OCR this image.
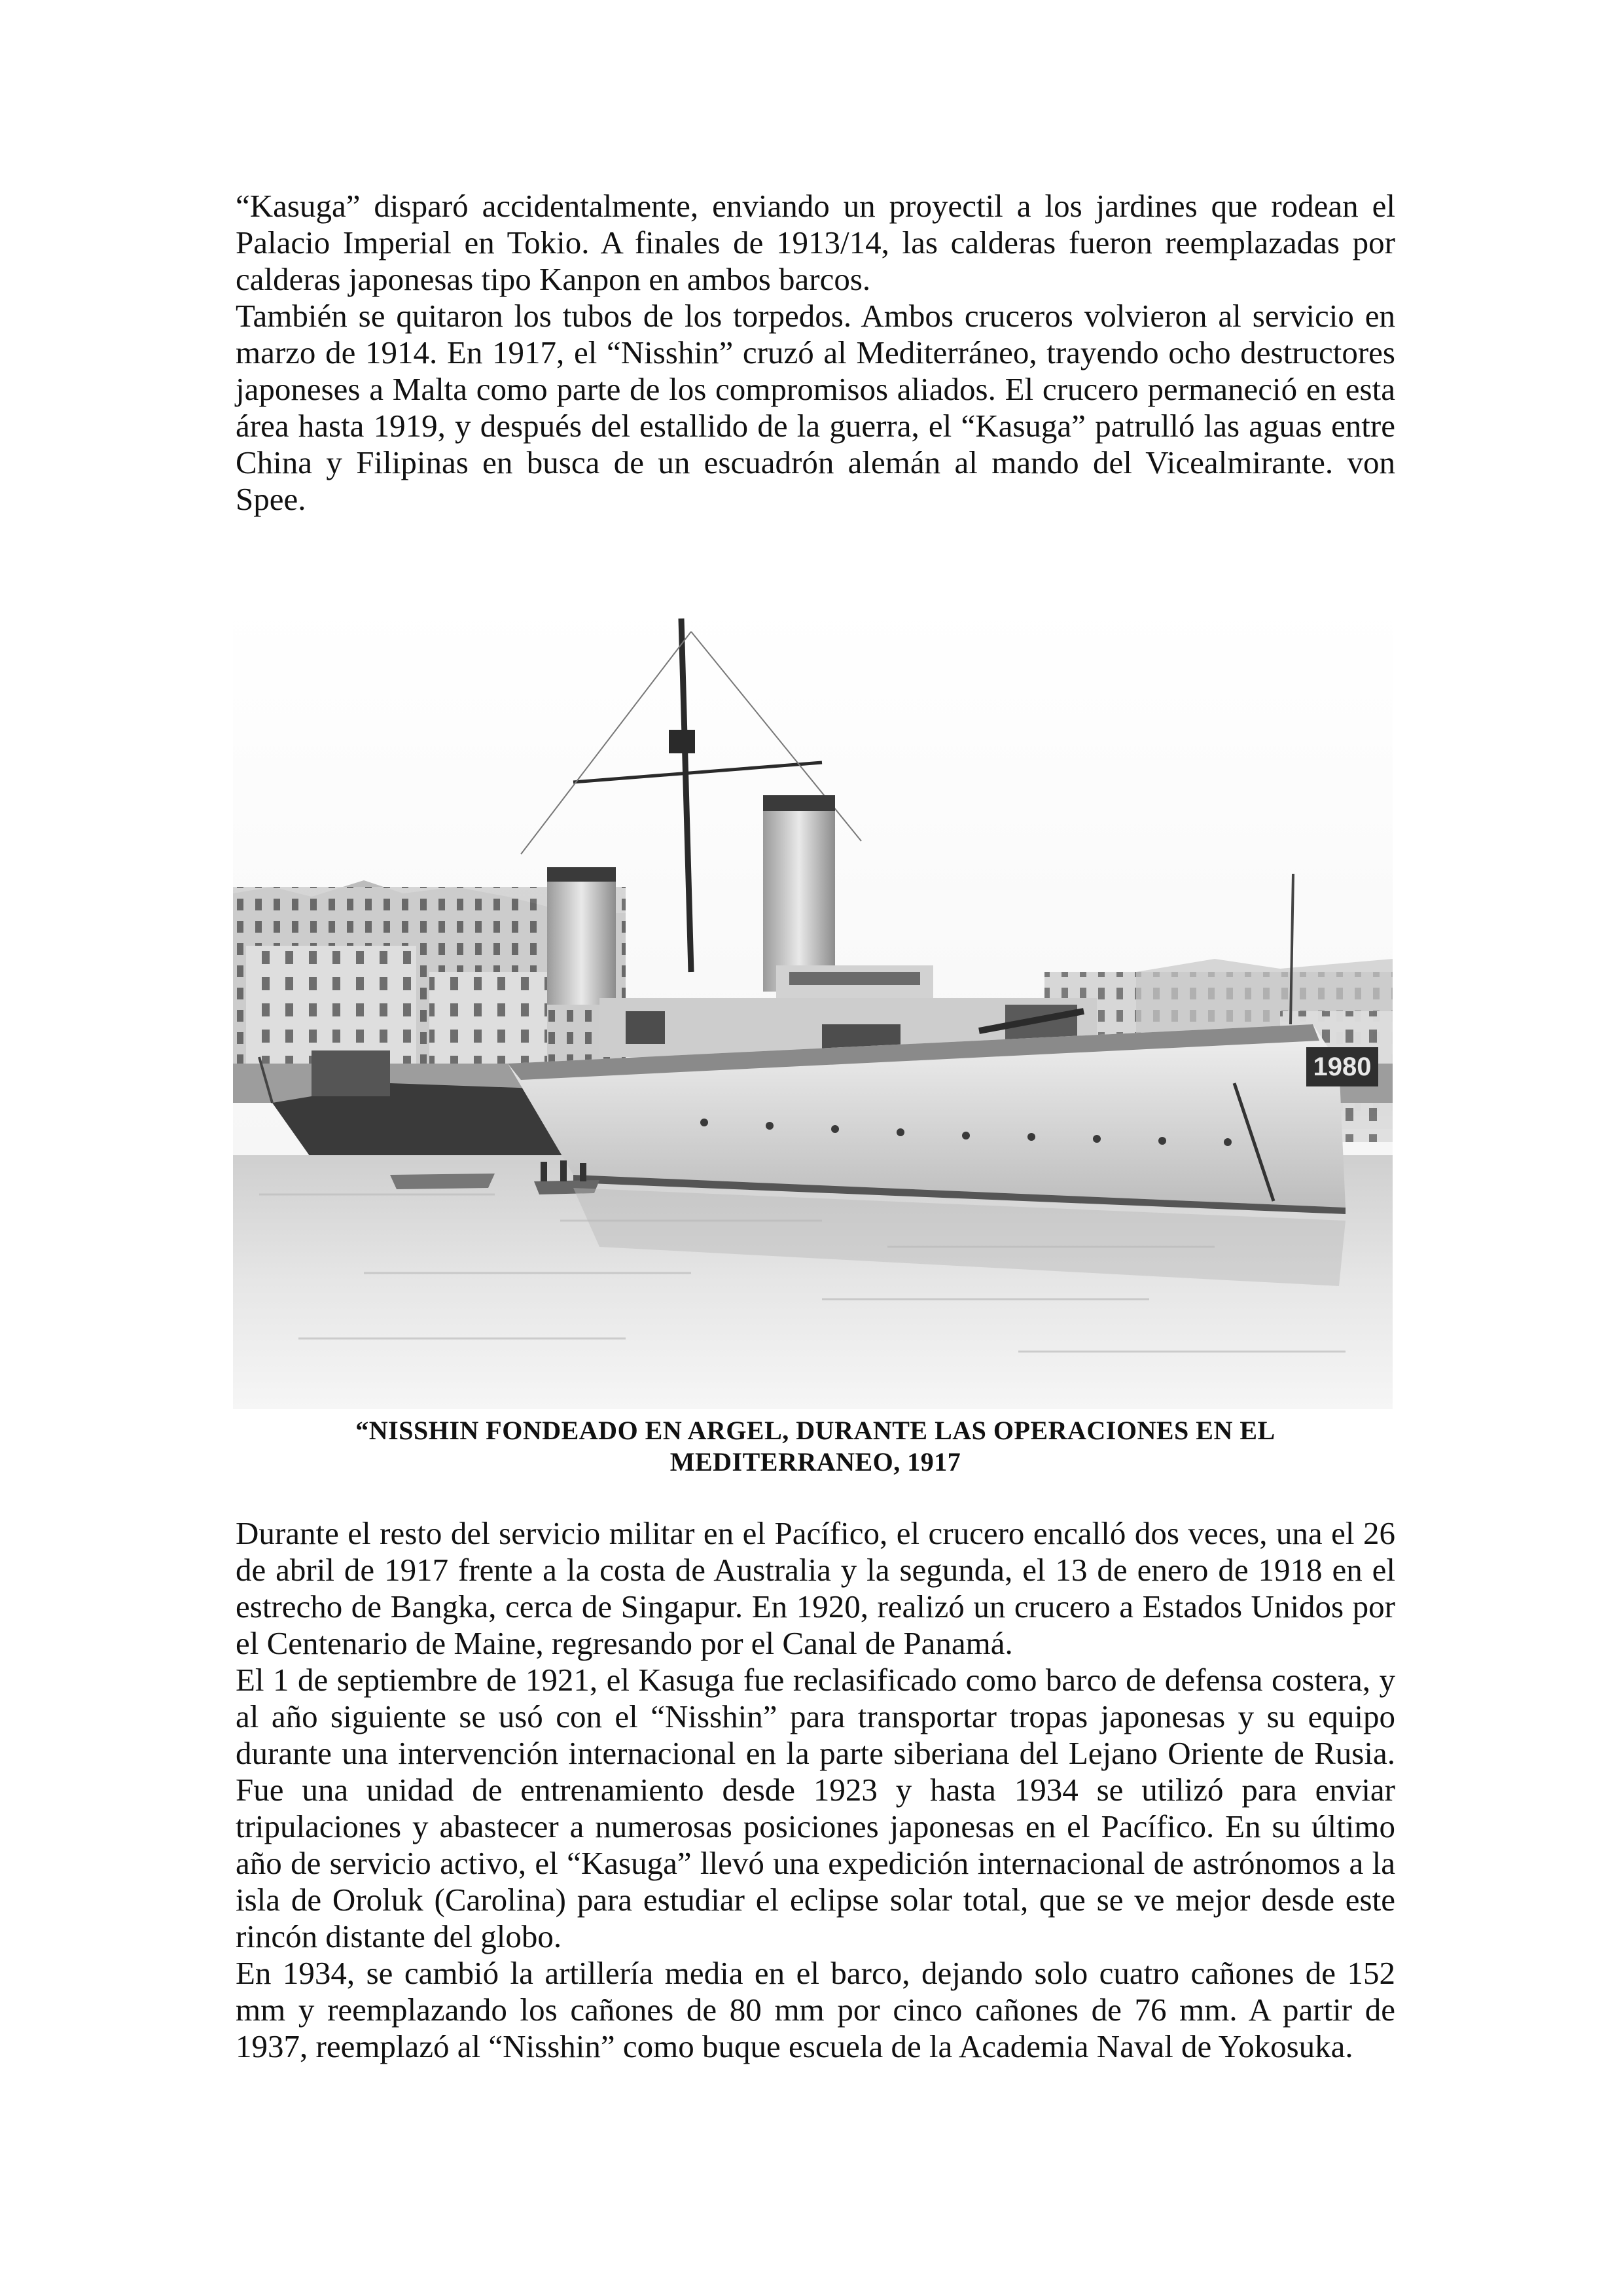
“Kasuga” disparó accidentalmente, enviando un proyectil a los jardines que rodean el Palacio Imperial en Tokio. A finales de 1913/14, las calderas fueron reemplazadas por calderas japonesas tipo Kanpon en ambos barcos.

También se quitaron los tubos de los torpedos. Ambos cruceros volvieron al servicio en marzo de 1914. En 1917, el “Nisshin” cruzó al Mediterráneo, trayendo ocho destructores japoneses a Malta como parte de los compromisos aliados. El crucero permaneció en esta área hasta 1919, y después del estallido de la guerra, el “Kasuga” patrulló las aguas entre China y Filipinas en busca de un escuadrón alemán al mando del Vicealmirante. von Spee.

1980
“NISSHIN FONDEADO EN ARGEL, DURANTE LAS OPERACIONES EN EL
MEDITERRANEO, 1917

Durante el resto del servicio militar en el Pacífico, el crucero encalló dos veces, una el 26 de abril de 1917 frente a la costa de Australia y la segunda, el 13 de enero de 1918 en el estrecho de Bangka, cerca de Singapur. En 1920, realizó un crucero a Estados Unidos por el Centenario de Maine, regresando por el Canal de Panamá.

El 1 de septiembre de 1921, el Kasuga fue reclasificado como barco de defensa costera, y al año siguiente se usó con el “Nisshin” para transportar tropas japonesas y su equipo durante una intervención internacional en la parte siberiana del Lejano Oriente de Rusia. Fue una unidad de entrenamiento desde 1923 y hasta 1934 se utilizó para enviar tripulaciones y abastecer a numerosas posiciones japonesas en el Pacífico. En su último año de servicio activo, el “Kasuga” llevó una expedición internacional de astrónomos a la isla de Oroluk (Carolina) para estudiar el eclipse solar total, que se ve mejor desde este rincón distante del globo.

En 1934, se cambió la artillería media en el barco, dejando solo cuatro cañones de 152 mm y reemplazando los cañones de 80 mm por cinco cañones de 76 mm. A partir de 1937, reemplazó al “Nisshin” como buque escuela de la Academia Naval de Yokosuka.
